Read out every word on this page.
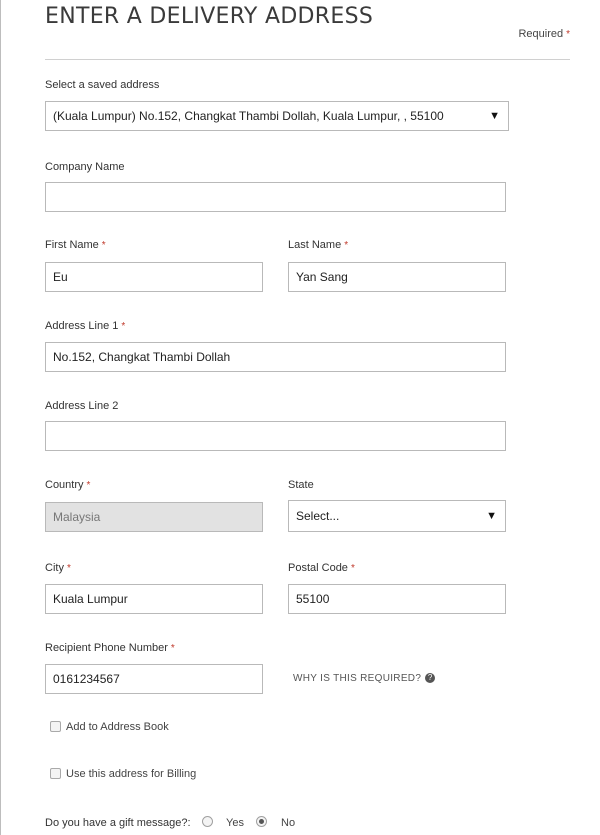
ENTER A DELIVERY ADDRESS
Required *
Select a saved address
(Kuala Lumpur) No.152, Changkat Thambi Dollah, Kuala Lumpur, , 55100	▼
Company Name
First Name *
Eu
Last Name *
Yan Sang
Address Line 1 *
No.152, Changkat Thambi Dollah
Address Line 2
Country *
Malaysia
State
Select...	▼
City *
Kuala Lumpur
Postal Code *
55100
Recipient Phone Number *
0161234567	WHY IS THIS REQUIRED? ?
Add to Address Book
Use this address for Billing
Do you have a gift message?:	Yes	No
